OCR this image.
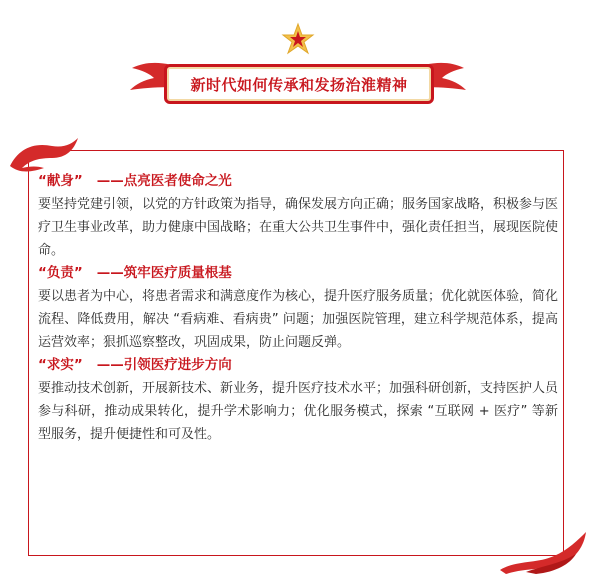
新时代如何传承和发扬治淮精神
“献身” ——点亮医者使命之光
要坚持党建引领，以党的方针政策为指导，确保发展方向正确；服务国家战略，积极参与医疗卫生事业改革，助力健康中国战略；在重大公共卫生事件中，强化责任担当，展现医院使命。
“负责” ——筑牢医疗质量根基
要以患者为中心，将患者需求和满意度作为核心，提升医疗服务质量；优化就医体验，简化流程、降低费用，解决 “看病难、看病贵” 问题；加强医院管理，建立科学规范体系，提高运营效率；狠抓巡察整改，巩固成果，防止问题反弹。
“求实” ——引领医疗进步方向
要推动技术创新，开展新技术、新业务，提升医疗技术水平；加强科研创新，支持医护人员参与科研，推动成果转化，提升学术影响力；优化服务模式，探索 “互联网 + 医疗” 等新型服务，提升便捷性和可及性。
